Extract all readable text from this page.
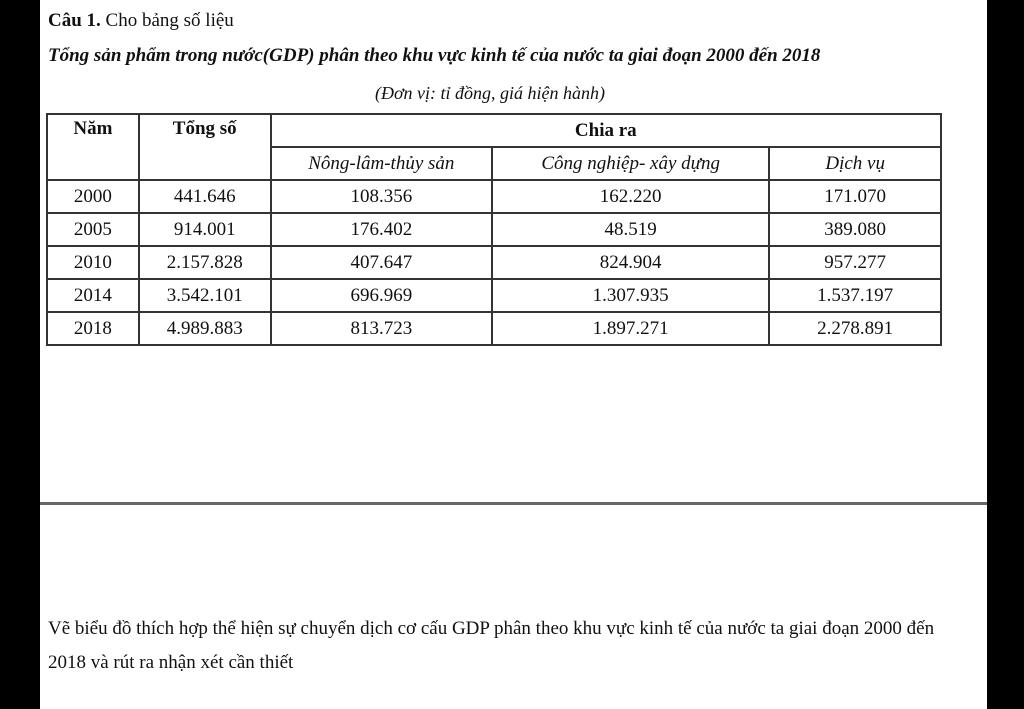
Câu 1. Cho bảng số liệu
Tổng sản phẩm trong nước(GDP) phân theo khu vực kinh tế của nước ta giai đoạn 2000 đến 2018
(Đơn vị: tỉ đồng, giá hiện hành)
Năm	Tổng số	Chia ra		
		Nông-lâm-thủy sản	Công nghiệp- xây dựng	Dịch vụ
2000	441.646	108.356	162.220	171.070
2005	914.001	176.402	48.519	389.080
2010	2.157.828	407.647	824.904	957.277
2014	3.542.101	696.969	1.307.935	1.537.197
2018	4.989.883	813.723	1.897.271	2.278.891
Vẽ biểu đồ thích hợp thể hiện sự chuyển dịch cơ cấu GDP phân theo khu vực kinh tế của nước ta giai đoạn 2000 đến 2018 và rút ra nhận xét cần thiết
